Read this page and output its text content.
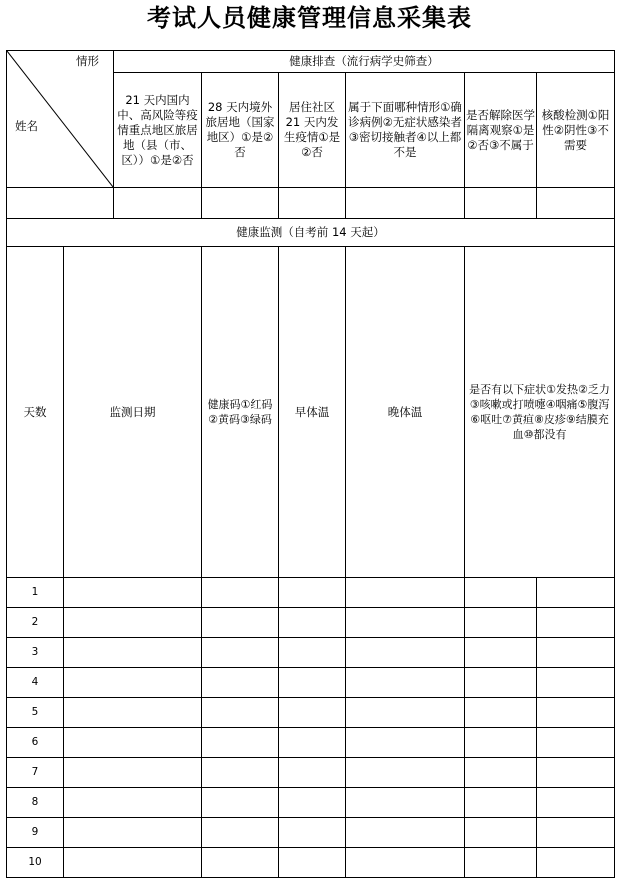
考试人员健康管理信息采集表
情形
姓名		健康排查（流行病学史筛查）						
		21 天内国内中、高风险等疫情重点地区旅居地（县（市、区））①是②否	28 天内境外旅居地（国家地区）①是②否	居住社区 21 天内发生疫情①是②否	属于下面哪种情形①确诊病例②无症状感染者③密切接触者④以上都不是	是否解除医学隔离观察①是②否③不属于	核酸检测①阳性②阴性③不需要	

健康监测（自考前 14 天起）								
天数	监测日期		健康码①红码②黄码③绿码	早体温	晚体温	是否有以下症状①发热②乏力③咳嗽或打喷嚏④咽痛⑤腹泻⑥呕吐⑦黄疸⑧皮疹⑨结膜充血⑩都没有	
1								
2								
3								
4								
5								
6								
7								
8								
9								
10								
